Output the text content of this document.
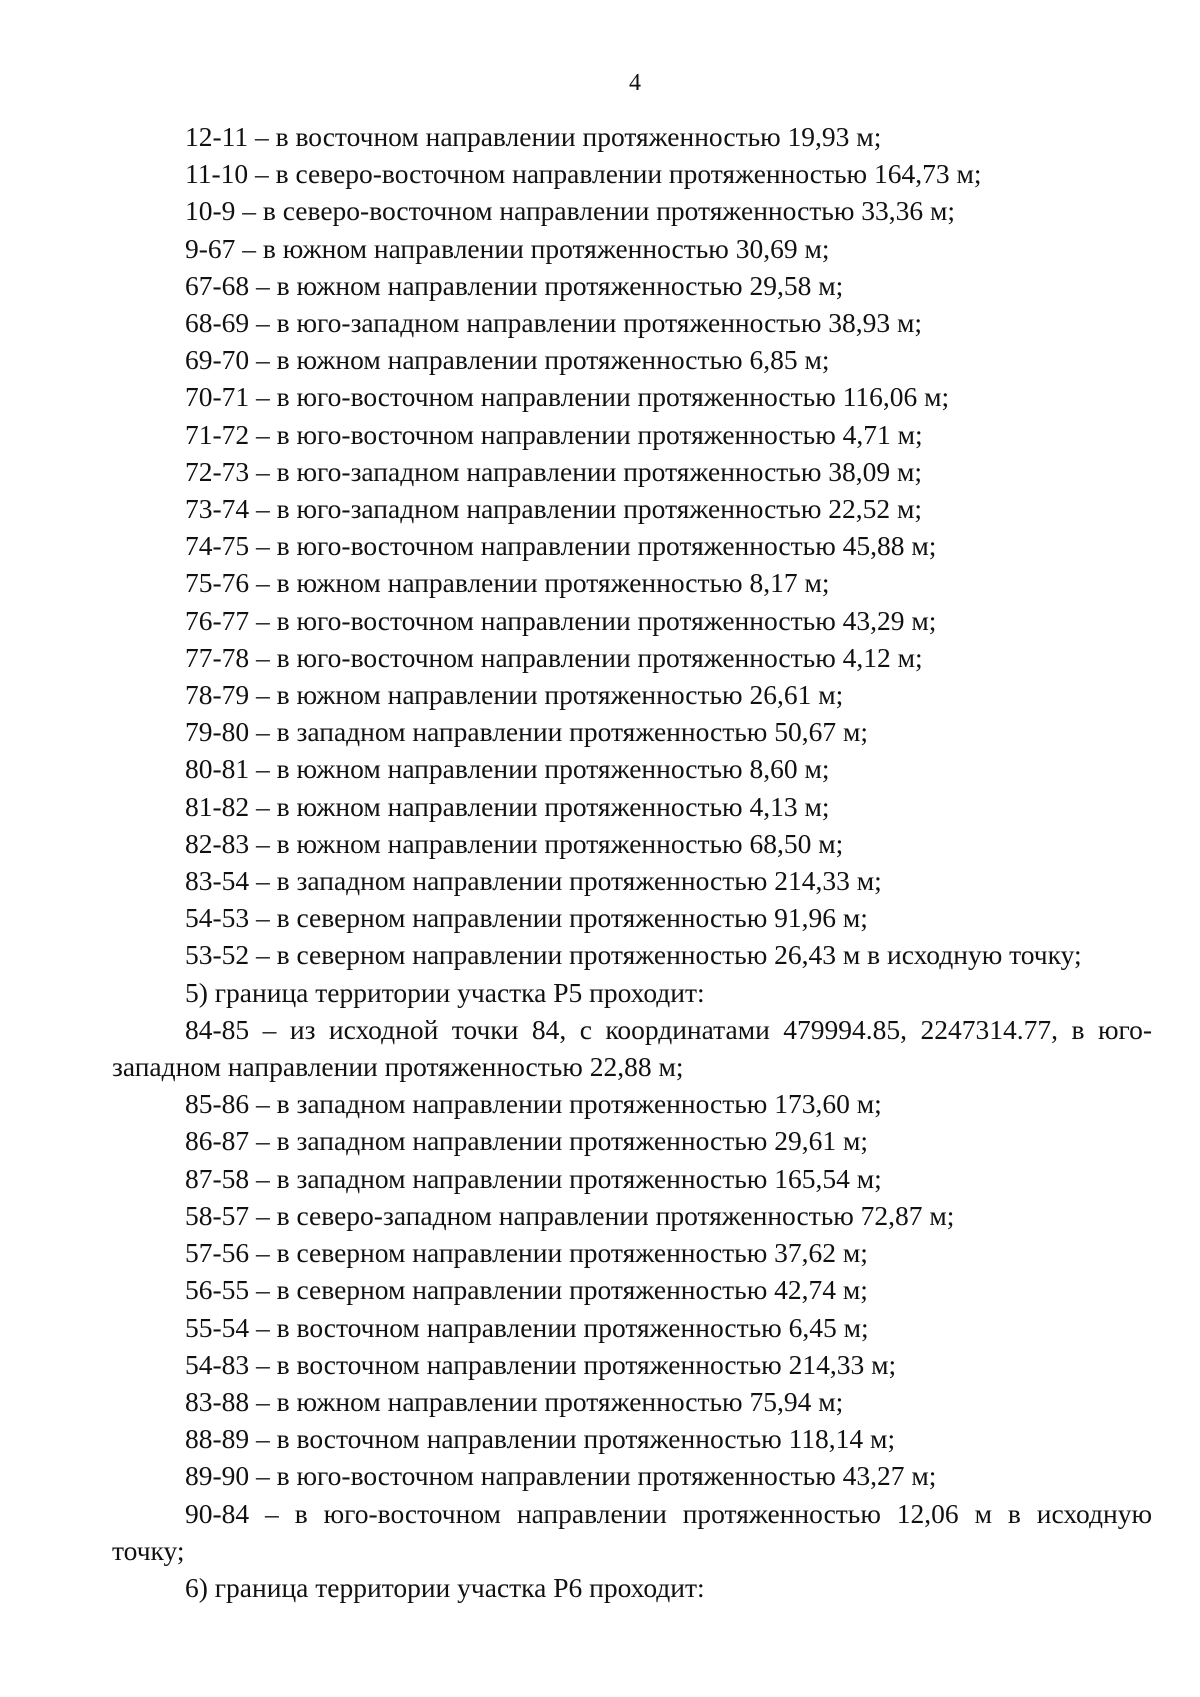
4
12-11 – в восточном направлении протяженностью 19,93 м;
11-10 – в северо-восточном направлении протяженностью 164,73 м;
10-9 – в северо-восточном направлении протяженностью 33,36 м;
9-67 – в южном направлении протяженностью 30,69 м;
67-68 – в южном направлении протяженностью 29,58 м;
68-69 – в юго-западном направлении протяженностью 38,93 м;
69-70 – в южном направлении протяженностью 6,85 м;
70-71 – в юго-восточном направлении протяженностью 116,06 м;
71-72 – в юго-восточном направлении протяженностью 4,71 м;
72-73 – в юго-западном направлении протяженностью 38,09 м;
73-74 – в юго-западном направлении протяженностью 22,52 м;
74-75 – в юго-восточном направлении протяженностью 45,88 м;
75-76 – в южном направлении протяженностью 8,17 м;
76-77 – в юго-восточном направлении протяженностью 43,29 м;
77-78 – в юго-восточном направлении протяженностью 4,12 м;
78-79 – в южном направлении протяженностью 26,61 м;
79-80 – в западном направлении протяженностью 50,67 м;
80-81 – в южном направлении протяженностью 8,60 м;
81-82 – в южном направлении протяженностью 4,13 м;
82-83 – в южном направлении протяженностью 68,50 м;
83-54 – в западном направлении протяженностью 214,33 м;
54-53 – в северном направлении протяженностью 91,96 м;
53-52 – в северном направлении протяженностью 26,43 м в исходную точку;
5) граница территории участка Р5 проходит:
84-85 – из исходной точки 84, с координатами 479994.85, 2247314.77, в юго-
западном направлении протяженностью 22,88 м;
85-86 – в западном направлении протяженностью 173,60 м;
86-87 – в западном направлении протяженностью 29,61 м;
87-58 – в западном направлении протяженностью 165,54 м;
58-57 – в северо-западном направлении протяженностью 72,87 м;
57-56 – в северном направлении протяженностью 37,62 м;
56-55 – в северном направлении протяженностью 42,74 м;
55-54 – в восточном направлении протяженностью 6,45 м;
54-83 – в восточном направлении протяженностью 214,33 м;
83-88 – в южном направлении протяженностью 75,94 м;
88-89 – в восточном направлении протяженностью 118,14 м;
89-90 – в юго-восточном направлении протяженностью 43,27 м;
90-84 – в юго-восточном направлении протяженностью 12,06 м в исходную
точку;
6) граница территории участка Р6 проходит:
